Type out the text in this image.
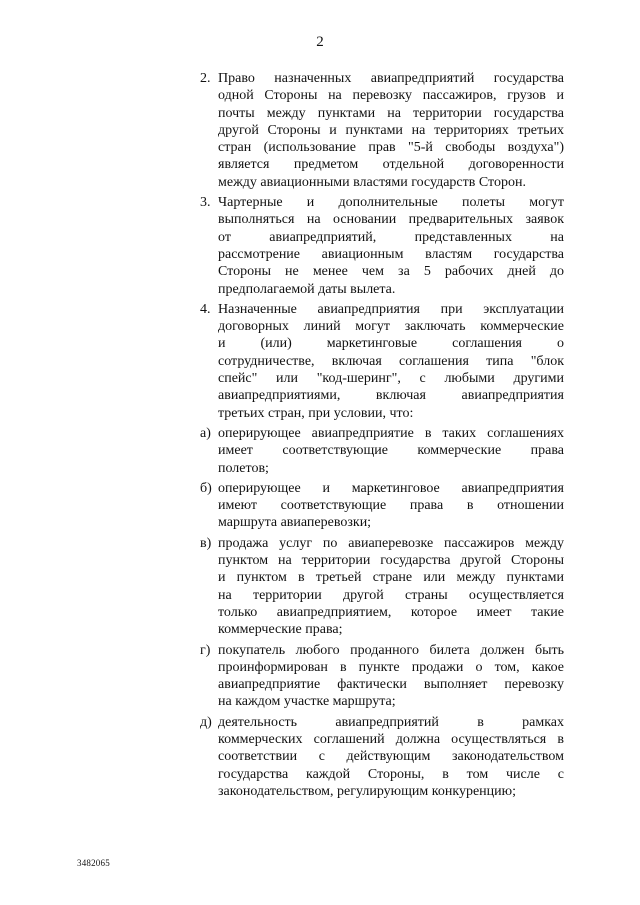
2
2. Право назначенных авиапредприятий государства
одной Стороны на перевозку пассажиров, грузов и
почты между пунктами на территории государства
другой Стороны и пунктами на территориях третьих
стран (использование прав "5-й свободы воздуха")
является предметом отдельной договоренности
между авиационными властями государств Сторон.
3. Чартерные и дополнительные полеты могут
выполняться на основании предварительных заявок
от авиапредприятий, представленных на
рассмотрение авиационным властям государства
Стороны не менее чем за 5 рабочих дней до
предполагаемой даты вылета.
4. Назначенные авиапредприятия при эксплуатации
договорных линий могут заключать коммерческие
и (или) маркетинговые соглашения о
сотрудничестве, включая соглашения типа "блок
спейс" или "код-шеринг", с любыми другими
авиапредприятиями, включая авиапредприятия
третьих стран, при условии, что:
а) оперирующее авиапредприятие в таких соглашениях
имеет соответствующие коммерческие права
полетов;
б) оперирующее и маркетинговое авиапредприятия
имеют соответствующие права в отношении
маршрута авиаперевозки;
в) продажа услуг по авиаперевозке пассажиров между
пунктом на территории государства другой Стороны
и пунктом в третьей стране или между пунктами
на территории другой страны осуществляется
только авиапредприятием, которое имеет такие
коммерческие права;
г) покупатель любого проданного билета должен быть
проинформирован в пункте продажи о том, какое
авиапредприятие фактически выполняет перевозку
на каждом участке маршрута;
д) деятельность авиапредприятий в рамках
коммерческих соглашений должна осуществляться в
соответствии с действующим законодательством
государства каждой Стороны, в том числе с
законодательством, регулирующим конкуренцию;
3482065
